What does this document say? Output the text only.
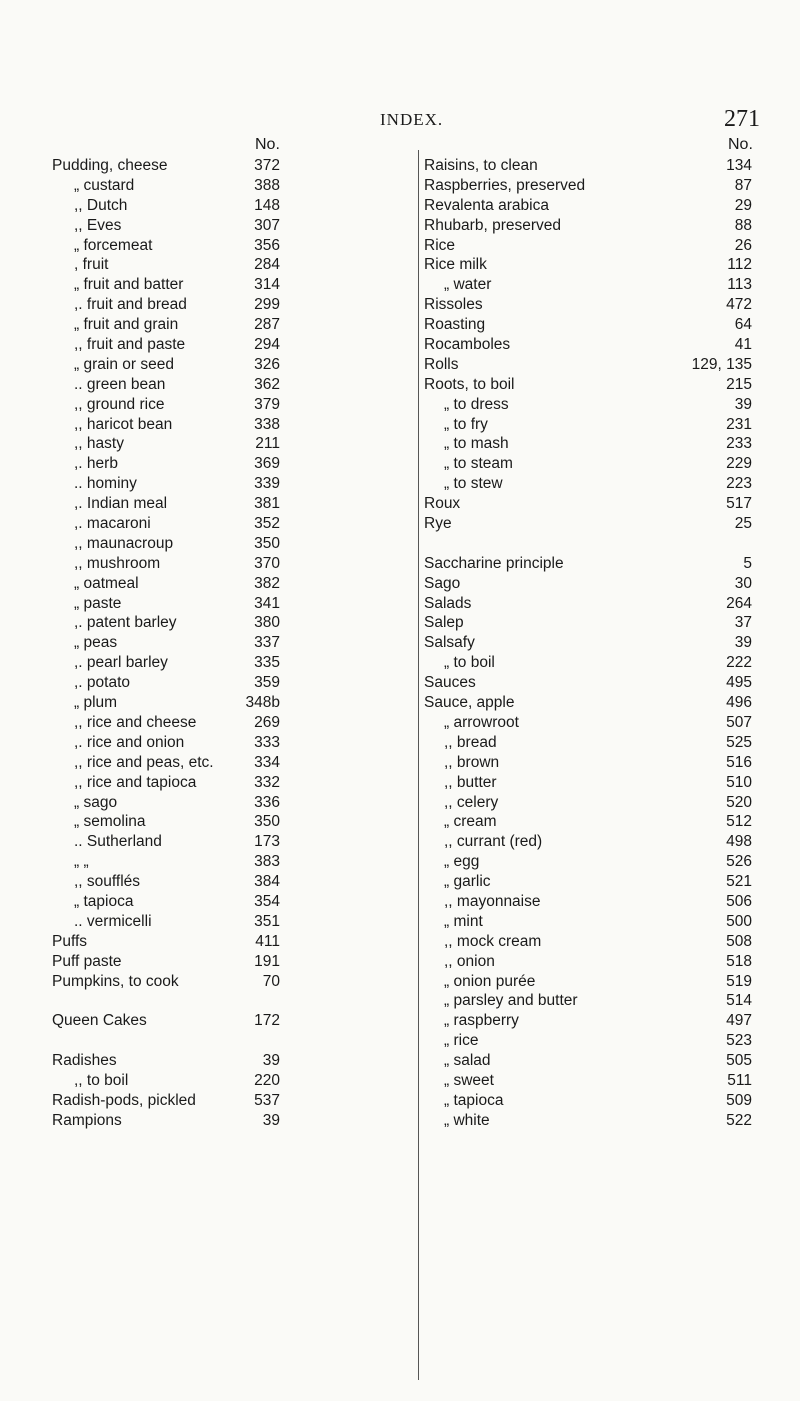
INDEX.	271
No.
Pudding, cheese	372
„ custard	388
,, Dutch	148
,, Eves	307
„ forcemeat	356
, fruit	284
„ fruit and batter	314
,. fruit and bread	299
„ fruit and grain	287
,, fruit and paste	294
„ grain or seed	326
.. green bean	362
,, ground rice	379
,, haricot bean	338
,, hasty	211
,. herb	369
.. hominy	339
,. Indian meal	381
,. macaroni	352
,, maunacroup	350
,, mushroom	370
„ oatmeal	382
„ paste	341
,. patent barley	380
„ peas	337
,. pearl barley	335
,. potato	359
„ plum	348b
,, rice and cheese	269
,. rice and onion	333
,, rice and peas, etc.	334
,, rice and tapioca	332
„ sago	336
„ semolina	350
.. Sutherland	173
„ „	383
,, soufflés	384
„ tapioca	354
.. vermicelli	351
Puffs	411
Puff paste	191
Pumpkins, to cook	70
Queen Cakes	172
Radishes	39
,, to boil	220
Radish-pods, pickled	537
Rampions	39
No.
Raisins, to clean	134
Raspberries, preserved	87
Revalenta arabica	29
Rhubarb, preserved	88
Rice	26
Rice milk	112
„ water	113
Rissoles	472
Roasting	64
Rocamboles	41
Rolls	129, 135
Roots, to boil	215
„ to dress	39
„ to fry	231
„ to mash	233
„ to steam	229
„ to stew	223
Roux	517
Rye	25
Saccharine principle	5
Sago	30
Salads	264
Salep	37
Salsafy	39
„ to boil	222
Sauces	495
Sauce, apple	496
„ arrowroot	507
,, bread	525
,, brown	516
,, butter	510
,, celery	520
„ cream	512
,, currant (red)	498
„ egg	526
„ garlic	521
,, mayonnaise	506
„ mint	500
,, mock cream	508
,, onion	518
„ onion purée	519
„ parsley and butter	514
„ raspberry	497
„ rice	523
„ salad	505
„ sweet	511
„ tapioca	509
„ white	522
